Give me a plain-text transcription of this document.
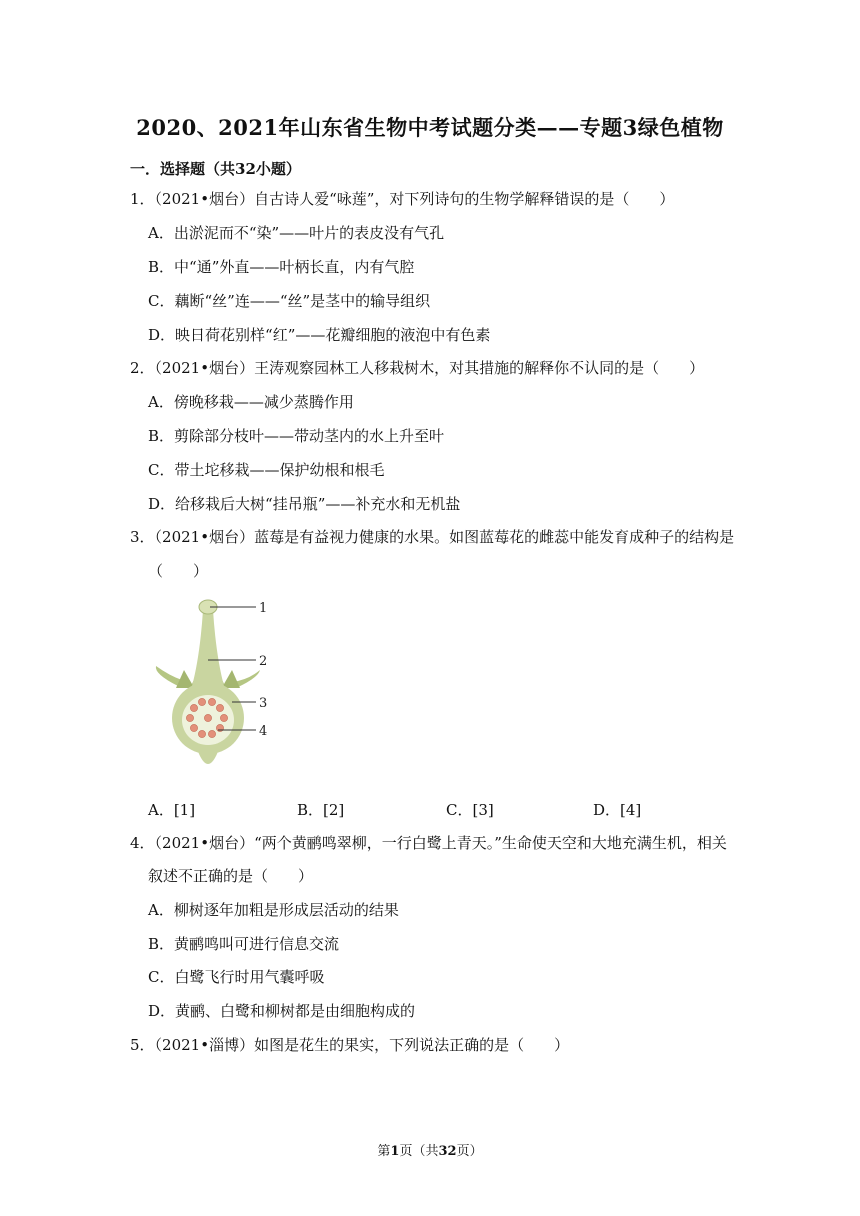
2020、2021年山东省生物中考试题分类——专题3绿色植物
一．选择题（共32小题）
1．（2021•烟台）自古诗人爱“咏莲”，对下列诗句的生物学解释错误的是（　　）
A．出淤泥而不“染”——叶片的表皮没有气孔
B．中“通”外直——叶柄长直，内有气腔
C．藕断“丝”连——“丝”是茎中的输导组织
D．映日荷花别样“红”——花瓣细胞的液泡中有色素
2．（2021•烟台）王涛观察园林工人移栽树木，对其措施的解释你不认同的是（　　）
A．傍晚移栽——减少蒸腾作用
B．剪除部分枝叶——带动茎内的水上升至叶
C．带土坨移栽——保护幼根和根毛
D．给移栽后大树“挂吊瓶”——补充水和无机盐
3．（2021•烟台）蓝莓是有益视力健康的水果。如图蓝莓花的雌蕊中能发育成种子的结构是
（　　）
1
2
3
4
A．[1]	B．[2]	C．[3]	D．[4]
4．（2021•烟台）“两个黄鹂鸣翠柳，一行白鹭上青天。”生命使天空和大地充满生机，相关
叙述不正确的是（　　）
A．柳树逐年加粗是形成层活动的结果
B．黄鹂鸣叫可进行信息交流
C．白鹭飞行时用气囊呼吸
D．黄鹂、白鹭和柳树都是由细胞构成的
5．（2021•淄博）如图是花生的果实，下列说法正确的是（　　）
第1页（共32页）
